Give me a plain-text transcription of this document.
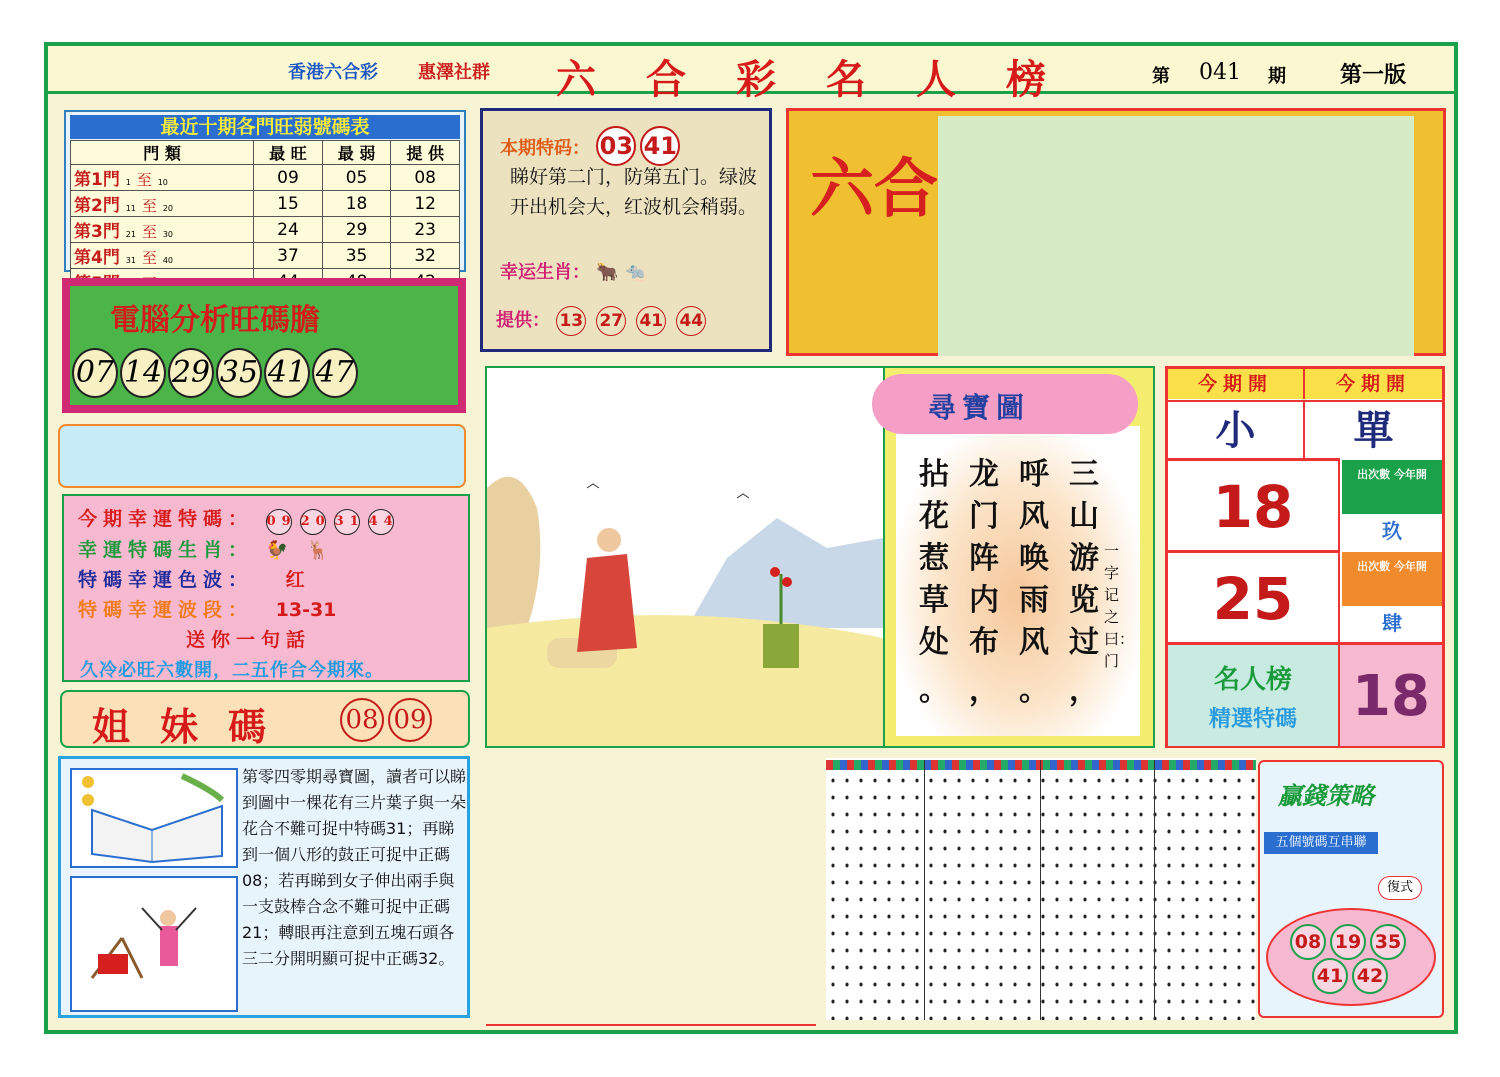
香港六合彩 惠澤社群 六合彩名人榜	第	041	期 第一版
最近十期各門旺弱號碼表
門 類	最 旺	最 弱	提 供
第1門 1 至 10	09	05	08
第2門 11 至 20	15	18	12
第3門 21 至 30	24	29	23
第4門 31 至 40	37	35	32

電腦分析旺碼膽
07 14 29 35 41 47
今期幸運特碼： 09 20 31 44
幸運特碼生肖： 🐓 🦌
特碼幸運色波： 红
特碼幸運波段： 13-31
送你一句話
久冷必旺六數開，二五作合今期來。
姐妹碼 08 09
第零四零期尋寶圖，讀者可以睇到圖中一棵花有三片葉子與一朵花合不難可捉中特碼31；再睇到一個八形的鼓正可捉中正碼08；若再睇到女子伸出兩手與一支鼓棒合念不難可捉中正碼21；轉眼再注意到五塊石頭各三二分開明顯可捉中正碼32。
本期特码： 03 41
睇好第二门，防第五门。绿波开出机会大，红波机会稍弱。
幸运生肖： 🐂 🐀
提供： 13 27 41 44
六合
尋寶圖
三山游览过
呼风唤雨风
龙门阵内布
拈花惹草处
，
。
，
。
一字记之曰：门
今期開	今期開
小	單
18	出次數 今年開
玖
25	出次數 今年開
肆
名人榜
精選特碼 18
贏錢策略
五個號碼互串聯
復式
08 19 35
41 42
